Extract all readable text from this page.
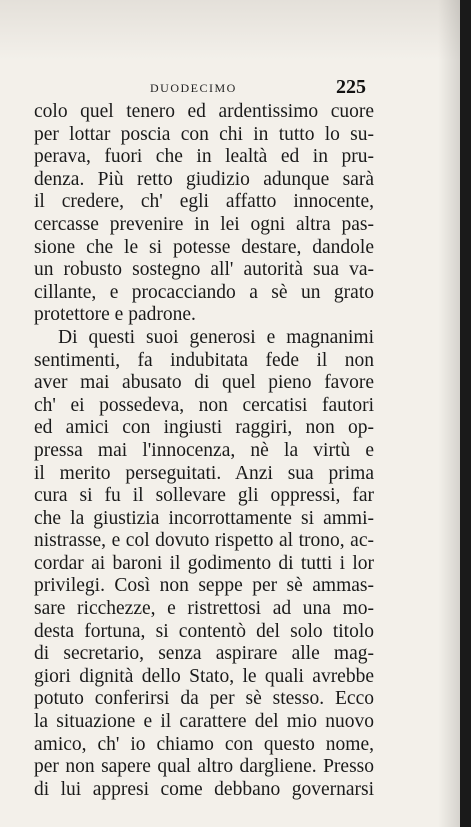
DUODECIMO	225
colo quel tenero ed ardentissimo cuore
per lottar poscia con chi in tutto lo su-
perava, fuori che in lealtà ed in pru-
denza. Più retto giudizio adunque sarà
il credere, ch' egli affatto innocente,
cercasse prevenire in lei ogni altra pas-
sione che le si potesse destare, dandole
un robusto sostegno all' autorità sua va-
cillante, e procacciando a sè un grato
protettore e padrone.
Di questi suoi generosi e magnanimi
sentimenti, fa indubitata fede il non
aver mai abusato di quel pieno favore
ch' ei possedeva, non cercatisi fautori
ed amici con ingiusti raggiri, non op-
pressa mai l'innocenza, nè la virtù e
il merito perseguitati. Anzi sua prima
cura si fu il sollevare gli oppressi, far
che la giustizia incorrottamente si ammi-
nistrasse, e col dovuto rispetto al trono, ac-
cordar ai baroni il godimento di tutti i lor
privilegi. Così non seppe per sè ammas-
sare ricchezze, e ristrettosi ad una mo-
desta fortuna, si contentò del solo titolo
di secretario, senza aspirare alle mag-
giori dignità dello Stato, le quali avrebbe
potuto conferirsi da per sè stesso. Ecco
la situazione e il carattere del mio nuovo
amico, ch' io chiamo con questo nome,
per non sapere qual altro dargliene. Presso
di lui appresi come debbano governarsi
